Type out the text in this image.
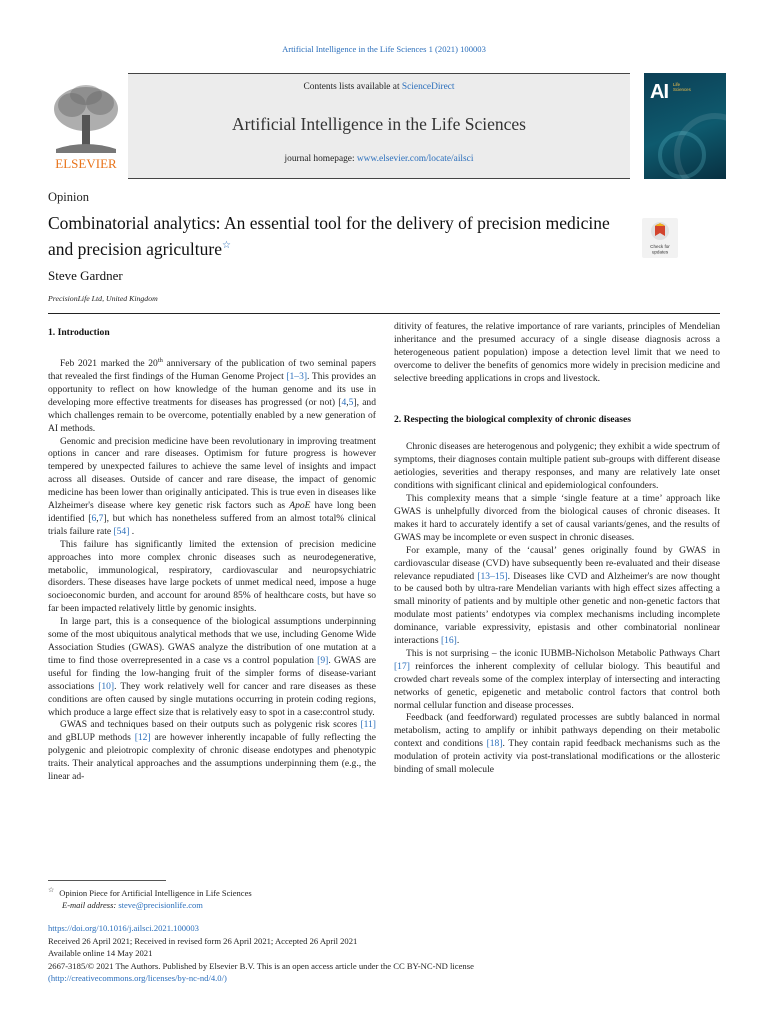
Artificial Intelligence in the Life Sciences 1 (2021) 100003
ELSEVIER
Contents lists available at ScienceDirect
Artificial Intelligence in the Life Sciences
journal homepage: www.elsevier.com/locate/ailsci
AI Life
Sciences
Opinion
Combinatorial analytics: An essential tool for the delivery of precision medicine and precision agriculture☆	Check for
updates
Steve Gardner
PrecisionLife Ltd, United Kingdom
1. Introduction

Feb 2021 marked the 20th anniversary of the publication of two seminal papers that revealed the first findings of the Human Genome Project [1–3]. This provides an opportunity to reflect on how knowledge of the human genome and its use in developing more effective treatments for diseases has progressed (or not) [4,5], and which challenges remain to be overcome, potentially enabled by a new generation of AI methods.

Genomic and precision medicine have been revolutionary in improving treatment options in cancer and rare diseases. Optimism for future progress is however tempered by unexpected failures to achieve the same level of insights and impact across all diseases. Outside of cancer and rare disease, the impact of genomic medicine has been lower than originally anticipated. This is true even in diseases like Alzheimer's disease where key genetic risk factors such as ApoE have long been identified [6,7], but which has nonetheless suffered from an almost total% clinical trials failure rate [54] .

This failure has significantly limited the extension of precision medicine approaches into more complex chronic diseases such as neurodegenerative, metabolic, immunological, respiratory, cardiovascular and neuropsychiatric disorders. These diseases have large pockets of unmet medical need, impose a huge socioeconomic burden, and account for around 85% of healthcare costs, but have so far been impacted relatively little by genomic insights.

In large part, this is a consequence of the biological assumptions underpinning some of the most ubiquitous analytical methods that we use, including Genome Wide Association Studies (GWAS). GWAS analyze the distribution of one mutation at a time to find those overrepresented in a case vs a control population [9]. GWAS are useful for finding the low-hanging fruit of the simpler forms of disease-variant associations [10]. They work relatively well for cancer and rare diseases as these conditions are often caused by single mutations occurring in protein coding regions, which produce a large effect size that is relatively easy to spot in a case:control study.

GWAS and techniques based on their outputs such as polygenic risk scores [11] and gBLUP methods [12] are however inherently incapable of fully reflecting the polygenic and pleiotropic complexity of chronic disease endotypes and phenotypic traits. Their analytical approaches and the assumptions underpinning them (e.g., the linear ad-

ditivity of features, the relative importance of rare variants, principles of Mendelian inheritance and the presumed accuracy of a single disease diagnosis across a heterogeneous patient population) impose a detection level limit that we need to overcome to deliver the benefits of genomics more widely in precision medicine and selective breeding applications in crops and livestock.

2. Respecting the biological complexity of chronic diseases

Chronic diseases are heterogenous and polygenic; they exhibit a wide spectrum of symptoms, their diagnoses contain multiple patient sub-groups with different disease aetiologies, severities and therapy responses, and many are relatively late onset conditions with significant clinical and epidemiological confounders.

This complexity means that a simple ‘single feature at a time’ approach like GWAS is unhelpfully divorced from the biological causes of chronic diseases. It makes it hard to accurately identify a set of causal variants/genes, and the results of GWAS may be incomplete or even suspect in chronic diseases.

For example, many of the ‘causal’ genes originally found by GWAS in cardiovascular disease (CVD) have subsequently been re-evaluated and their disease relevance repudiated [13–15]. Diseases like CVD and Alzheimer's are now thought to be caused both by ultra-rare Mendelian variants with high effect sizes affecting a small minority of patients and by multiple other genetic and non-genetic factors that modulate most patients’ endotypes via complex mechanisms including incomplete dominance, variable expressivity, epistasis and other combinatorial nonlinear interactions [16].

This is not surprising – the iconic IUBMB-Nicholson Metabolic Pathways Chart [17] reinforces the inherent complexity of cellular biology. This beautiful and crowded chart reveals some of the complex interplay of intersecting and interacting networks of genetic, epigenetic and metabolic control factors that control both normal cellular function and disease processes.

Feedback (and feedforward) regulated processes are subtly balanced in normal metabolism, acting to amplify or inhibit pathways depending on their metabolic context and conditions [18]. They contain rapid feedback mechanisms such as the modulation of protein activity via post-translational modifications or the allosteric binding of small molecule

☆ Opinion Piece for Artificial Intelligence in Life Sciences
E-mail address: steve@precisionlife.com
https://doi.org/10.1016/j.ailsci.2021.100003
Received 26 April 2021; Received in revised form 26 April 2021; Accepted 26 April 2021
Available online 14 May 2021
2667-3185/© 2021 The Authors. Published by Elsevier B.V. This is an open access article under the CC BY-NC-ND license
(http://creativecommons.org/licenses/by-nc-nd/4.0/)
